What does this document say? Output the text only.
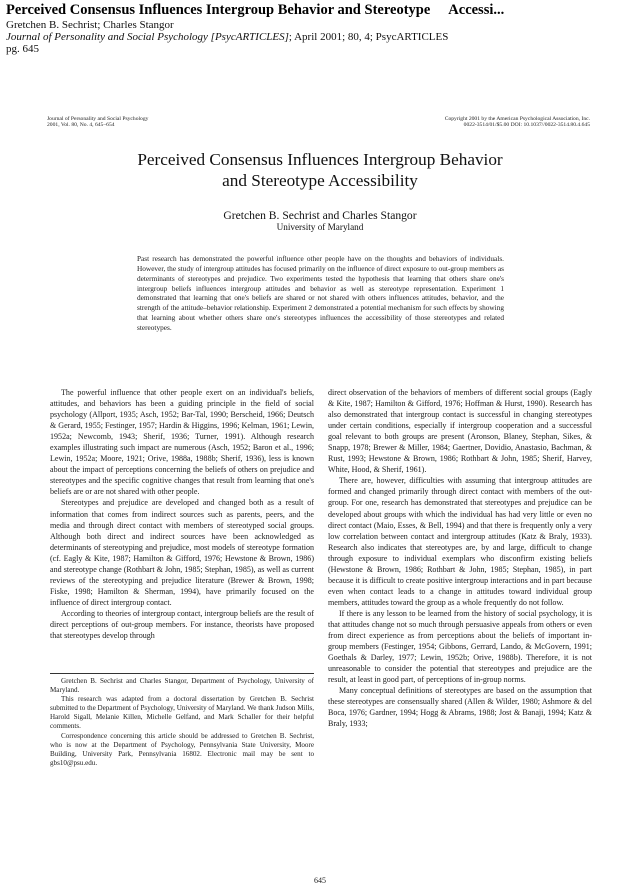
Perceived Consensus Influences Intergroup Behavior and Stereotype Accessi...
Gretchen B. Sechrist; Charles Stangor
Journal of Personality and Social Psychology [PsycARTICLES]; April 2001; 80, 4; PsycARTICLES
pg. 645
Journal of Personality and Social Psychology
2001, Vol. 80, No. 4, 645–654
Copyright 2001 by the American Psychological Association, Inc.
0022-3514/01/$5.00 DOI: 10.1037//0022-3514.80.4.645
Perceived Consensus Influences Intergroup Behavior
and Stereotype Accessibility
Gretchen B. Sechrist and Charles Stangor
University of Maryland
Past research has demonstrated the powerful influence other people have on the thoughts and behaviors of individuals. However, the study of intergroup attitudes has focused primarily on the influence of direct exposure to out-group members as determinants of stereotypes and prejudice. Two experiments tested the hypothesis that learning that others share one's intergroup beliefs influences intergroup attitudes and behavior as well as stereotype representation. Experiment 1 demonstrated that learning that one's beliefs are shared or not shared with others influences attitudes, behavior, and the strength of the attitude–behavior relationship. Experiment 2 demonstrated a potential mechanism for such effects by showing that learning about whether others share one's stereotypes influences the accessibility of those stereotypes and related stereotypes.

The powerful influence that other people exert on an individual's beliefs, attitudes, and behaviors has been a guiding principle in the field of social psychology (Allport, 1935; Asch, 1952; Bar-Tal, 1990; Berscheid, 1966; Deutsch & Gerard, 1955; Festinger, 1957; Hardin & Higgins, 1996; Kelman, 1961; Lewin, 1952a; Newcomb, 1943; Sherif, 1936; Turner, 1991). Although research examples illustrating such impact are numerous (Asch, 1952; Baron et al., 1996; Lewin, 1952a; Moore, 1921; Orive, 1988a, 1988b; Sherif, 1936), less is known about the impact of perceptions concerning the beliefs of others on prejudice and stereotypes and the specific cognitive changes that result from learning that one's beliefs are or are not shared with other people.

Stereotypes and prejudice are developed and changed both as a result of information that comes from indirect sources such as parents, peers, and the media and through direct contact with members of stereotyped social groups. Although both direct and indirect sources have been acknowledged as determinants of stereotyping and prejudice, most models of stereotype formation (cf. Eagly & Kite, 1987; Hamilton & Gifford, 1976; Hewstone & Brown, 1986) and stereotype change (Rothbart & John, 1985; Stephan, 1985), as well as current reviews of the stereotyping and prejudice literature (Brewer & Brown, 1998; Fiske, 1998; Hamilton & Sherman, 1994), have primarily focused on the influence of direct intergroup contact.

According to theories of intergroup contact, intergroup beliefs are the result of direct perceptions of out-group members. For instance, theorists have proposed that stereotypes develop through

direct observation of the behaviors of members of different social groups (Eagly & Kite, 1987; Hamilton & Gifford, 1976; Hoffman & Hurst, 1990). Research has also demonstrated that intergroup contact is successful in changing stereotypes under certain conditions, especially if intergroup cooperation and a successful goal relevant to both groups are present (Aronson, Blaney, Stephan, Sikes, & Snapp, 1978; Brewer & Miller, 1984; Gaertner, Dovidio, Anastasio, Bachman, & Rust, 1993; Hewstone & Brown, 1986; Rothbart & John, 1985; Sherif, Harvey, White, Hood, & Sherif, 1961).

There are, however, difficulties with assuming that intergroup attitudes are formed and changed primarily through direct contact with members of the out-group. For one, research has demonstrated that stereotypes and prejudice can be developed about groups with which the individual has had very little or even no direct contact (Maio, Esses, & Bell, 1994) and that there is frequently only a very low correlation between contact and intergroup attitudes (Katz & Braly, 1933). Research also indicates that stereotypes are, by and large, difficult to change through exposure to individual exemplars who disconfirm existing beliefs (Hewstone & Brown, 1986; Rothbart & John, 1985; Stephan, 1985), in part because it is difficult to create positive intergroup interactions and in part because even when contact leads to a change in attitudes toward individual group members, attitudes toward the group as a whole frequently do not follow.

If there is any lesson to be learned from the history of social psychology, it is that attitudes change not so much through persuasive appeals from others or even from direct experience as from perceptions about the beliefs of important in-group members (Festinger, 1954; Gibbons, Gerrard, Lando, & McGovern, 1991; Goethals & Darley, 1977; Lewin, 1952b; Orive, 1988b). Therefore, it is not unreasonable to consider the potential that stereotypes and prejudice are the result, at least in good part, of perceptions of in-group norms.

Many conceptual definitions of stereotypes are based on the assumption that these stereotypes are consensually shared (Allen & Wilder, 1980; Ashmore & del Boca, 1976; Gardner, 1994; Hogg & Abrams, 1988; Jost & Banaji, 1994; Katz & Braly, 1933;

Gretchen B. Sechrist and Charles Stangor, Department of Psychology, University of Maryland.

This research was adapted from a doctoral dissertation by Gretchen B. Sechrist submitted to the Department of Psychology, University of Maryland. We thank Judson Mills, Harold Sigall, Melanie Killen, Michelle Gelfand, and Mark Schaller for their helpful comments.

Correspondence concerning this article should be addressed to Gretchen B. Sechrist, who is now at the Department of Psychology, Pennsylvania State University, Moore Building, University Park, Pennsylvania 16802. Electronic mail may be sent to gbs10@psu.edu.

645
